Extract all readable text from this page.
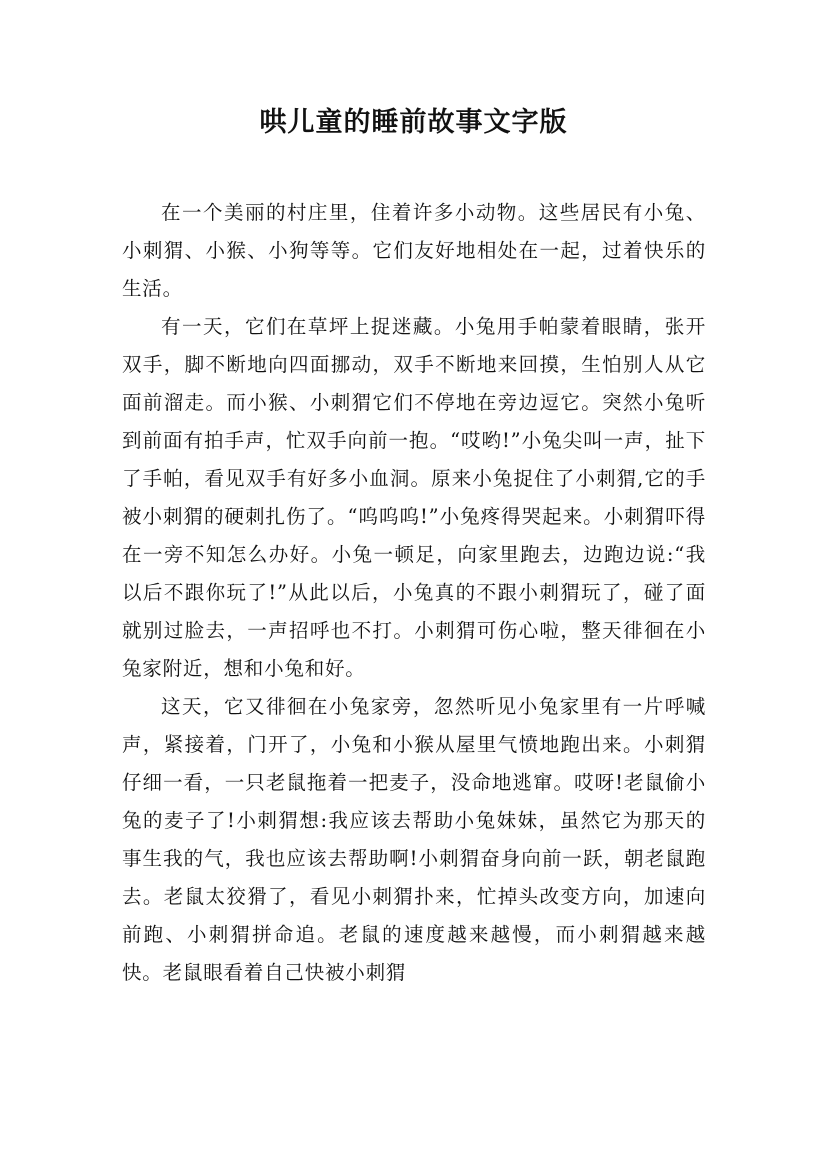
哄儿童的睡前故事文字版

在一个美丽的村庄里，住着许多小动物。这些居民有小兔、小刺猬、小猴、小狗等等。它们友好地相处在一起，过着快乐的生活。

有一天，它们在草坪上捉迷藏。小兔用手帕蒙着眼睛，张开双手，脚不断地向四面挪动，双手不断地来回摸，生怕别人从它面前溜走。而小猴、小刺猬它们不停地在旁边逗它。突然小兔听到前面有拍手声，忙双手向前一抱。“哎哟!”小兔尖叫一声，扯下了手帕，看见双手有好多小血洞。原来小兔捉住了小刺猬,它的手被小刺猬的硬刺扎伤了。“呜呜呜!”小兔疼得哭起来。小刺猬吓得在一旁不知怎么办好。小兔一顿足，向家里跑去，边跑边说:“我以后不跟你玩了!”从此以后，小兔真的不跟小刺猬玩了，碰了面就别过脸去，一声招呼也不打。小刺猬可伤心啦，整天徘徊在小兔家附近，想和小兔和好。

这天，它又徘徊在小兔家旁，忽然听见小兔家里有一片呼喊声，紧接着，门开了，小兔和小猴从屋里气愤地跑出来。小刺猬仔细一看，一只老鼠拖着一把麦子，没命地逃窜。哎呀!老鼠偷小兔的麦子了!小刺猬想:我应该去帮助小兔妹妹，虽然它为那天的事生我的气，我也应该去帮助啊!小刺猬奋身向前一跃，朝老鼠跑去。老鼠太狡猾了，看见小刺猬扑来，忙掉头改变方向，加速向前跑、小刺猬拼命追。老鼠的速度越来越慢，而小刺猬越来越快。老鼠眼看着自己快被小刺猬
